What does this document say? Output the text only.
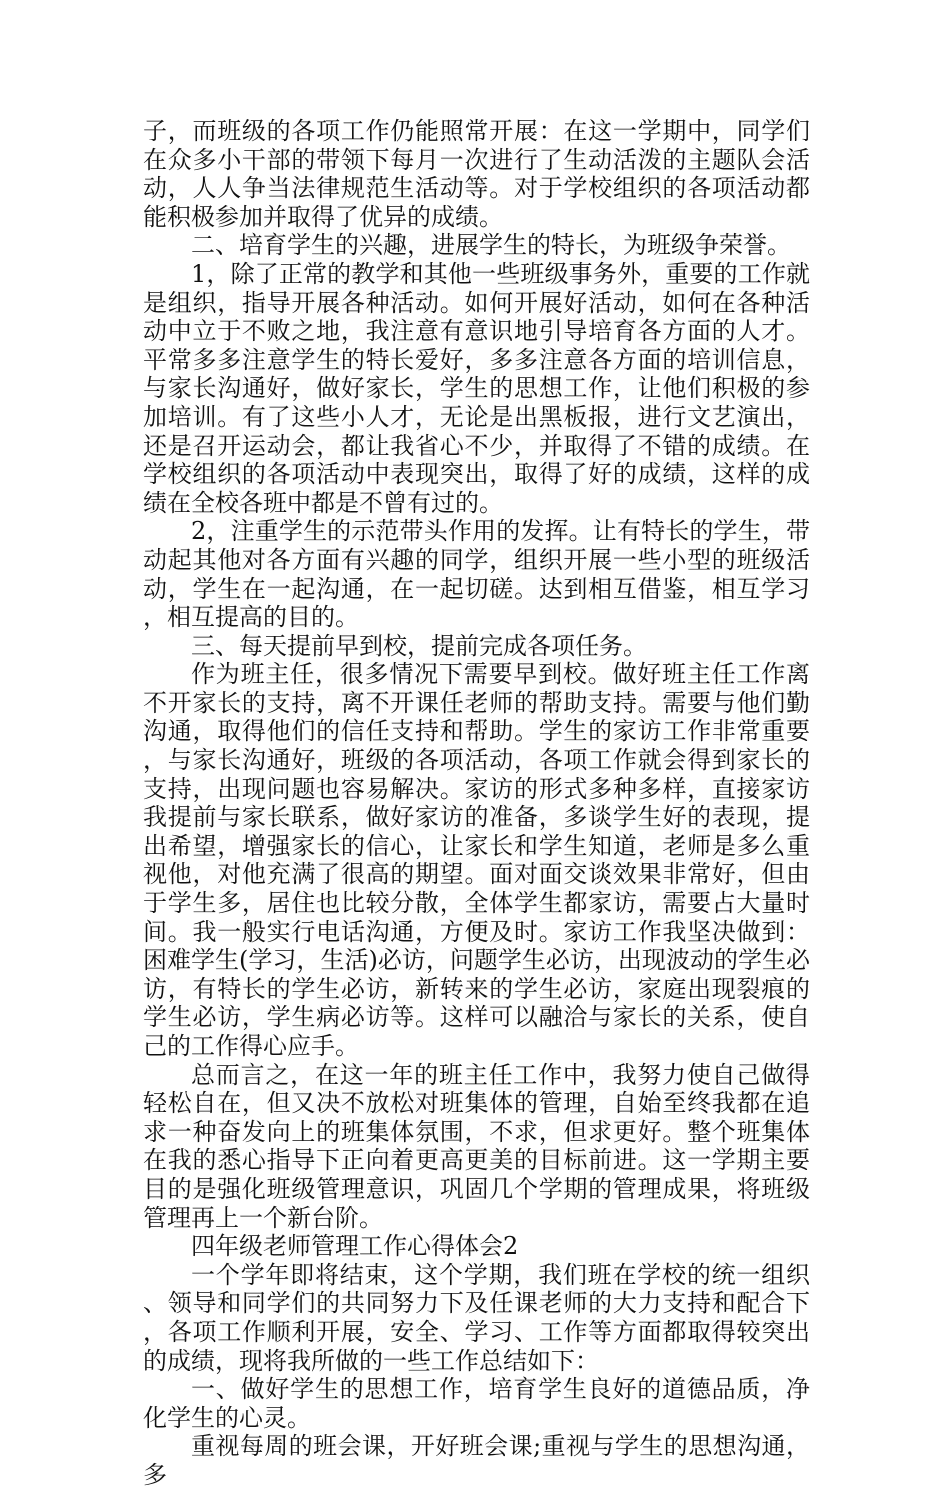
子，而班级的各项工作仍能照常开展：在这一学期中，同学们在众多小干部的带领下每月一次进行了生动活泼的主题队会活动，人人争当法律规范生活动等。对于学校组织的各项活动都能积极参加并取得了优异的成绩。

二、培育学生的兴趣，进展学生的特长，为班级争荣誉。

1，除了正常的教学和其他一些班级事务外，重要的工作就是组织，指导开展各种活动。如何开展好活动，如何在各种活动中立于不败之地，我注意有意识地引导培育各方面的人才。平常多多注意学生的特长爱好，多多注意各方面的培训信息，与家长沟通好，做好家长，学生的思想工作，让他们积极的参加培训。有了这些小人才，无论是出黑板报，进行文艺演出，还是召开运动会，都让我省心不少，并取得了不错的成绩。在学校组织的各项活动中表现突出，取得了好的成绩，这样的成绩在全校各班中都是不曾有过的。

2，注重学生的示范带头作用的发挥。让有特长的学生，带动起其他对各方面有兴趣的同学，组织开展一些小型的班级活动，学生在一起沟通，在一起切磋。达到相互借鉴，相互学习，相互提高的目的。

三、每天提前早到校，提前完成各项任务。

作为班主任，很多情况下需要早到校。做好班主任工作离不开家长的支持，离不开课任老师的帮助支持。需要与他们勤沟通，取得他们的信任支持和帮助。学生的家访工作非常重要，与家长沟通好，班级的各项活动，各项工作就会得到家长的支持，出现问题也容易解决。家访的形式多种多样，直接家访我提前与家长联系，做好家访的准备，多谈学生好的表现，提出希望，增强家长的信心，让家长和学生知道，老师是多么重视他，对他充满了很高的期望。面对面交谈效果非常好，但由于学生多，居住也比较分散，全体学生都家访，需要占大量时间。我一般实行电话沟通，方便及时。家访工作我坚决做到：困难学生(学习，生活)必访，问题学生必访，出现波动的学生必访，有特长的学生必访，新转来的学生必访，家庭出现裂痕的学生必访，学生病必访等。这样可以融洽与家长的关系，使自己的工作得心应手。

总而言之，在这一年的班主任工作中，我努力使自己做得轻松自在，但又决不放松对班集体的管理，自始至终我都在追求一种奋发向上的班集体氛围，不求，但求更好。整个班集体在我的悉心指导下正向着更高更美的目标前进。这一学期主要目的是强化班级管理意识，巩固几个学期的管理成果，将班级管理再上一个新台阶。

四年级老师管理工作心得体会2

一个学年即将结束，这个学期，我们班在学校的统一组织、领导和同学们的共同努力下及任课老师的大力支持和配合下，各项工作顺利开展，安全、学习、工作等方面都取得较突出的成绩，现将我所做的一些工作总结如下：

一、做好学生的思想工作，培育学生良好的道德品质，净化学生的心灵。

重视每周的班会课，开好班会课;重视与学生的思想沟通，多
